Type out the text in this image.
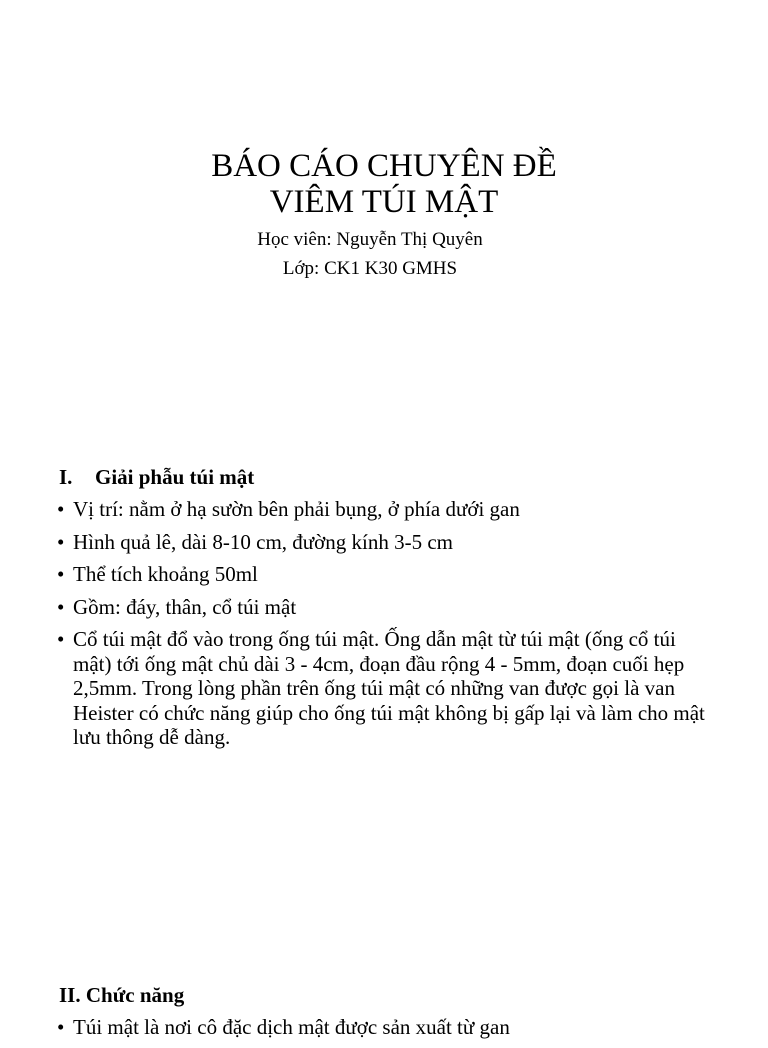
BÁO CÁO CHUYÊN ĐỀ
VIÊM TÚI MẬT
Học viên: Nguyễn Thị Quyên
Lớp: CK1 K30 GMHS
I. Giải phẫu túi mật
• Vị trí: nằm ở hạ sườn bên phải bụng, ở phía dưới gan
• Hình quả lê, dài 8-10 cm, đường kính 3-5 cm
• Thể tích khoảng 50ml
• Gồm: đáy, thân, cổ túi mật
• Cổ túi mật đổ vào trong ống túi mật. Ống dẫn mật từ túi mật (ống cổ túi mật) tới ống mật chủ dài 3 - 4cm, đoạn đầu rộng 4 - 5mm, đoạn cuối hẹp 2,5mm. Trong lòng phần trên ống túi mật có những van được gọi là van Heister có chức năng giúp cho ống túi mật không bị gấp lại và làm cho mật lưu thông dễ dàng.
II. Chức năng
• Túi mật là nơi cô đặc dịch mật được sản xuất từ gan
